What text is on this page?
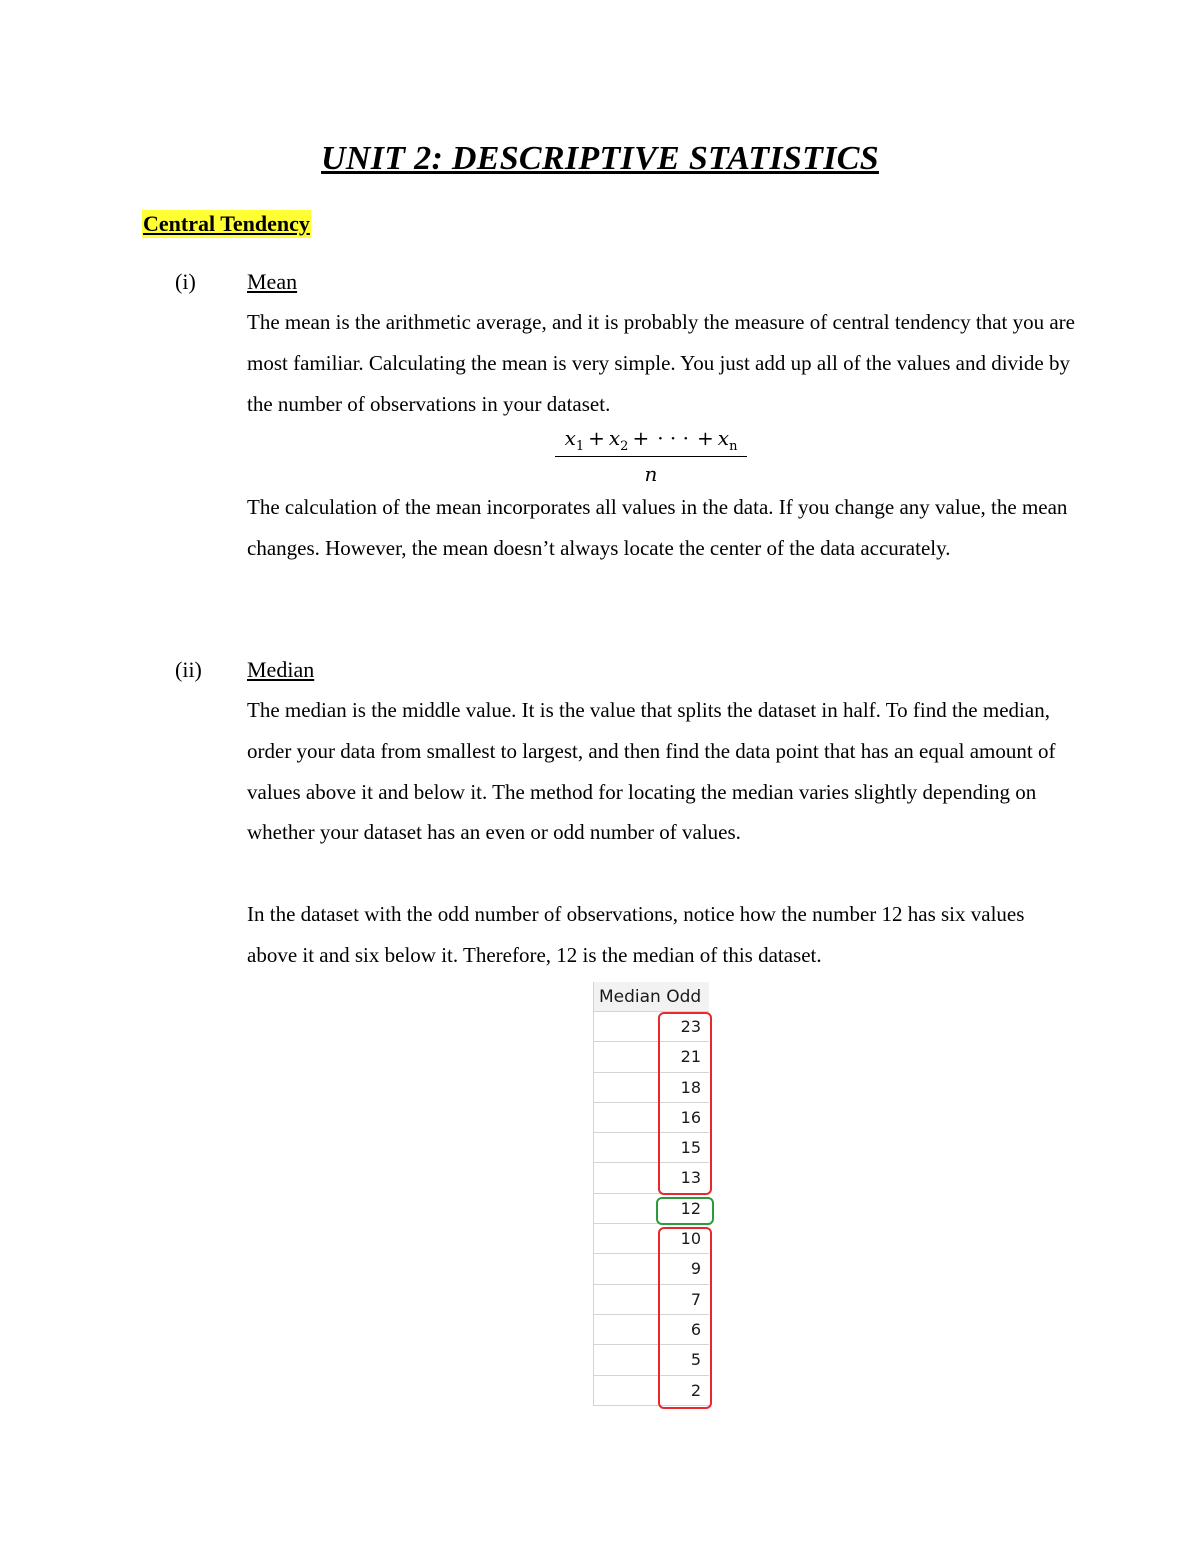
UNIT 2: DESCRIPTIVE STATISTICS
Central Tendency
(i) Mean
The mean is the arithmetic average, and it is probably the measure of central tendency that you are most familiar. Calculating the mean is very simple. You just add up all of the values and divide by the number of observations in your dataset.
$x_1 + x_2$ + · · · + $x_n$
n
The calculation of the mean incorporates all values in the data. If you change any value, the mean changes. However, the mean doesn’t always locate the center of the data accurately.
(ii) Median
The median is the middle value. It is the value that splits the dataset in half. To find the median, order your data from smallest to largest, and then find the data point that has an equal amount of values above it and below it. The method for locating the median varies slightly depending on whether your dataset has an even or odd number of values.
In the dataset with the odd number of observations, notice how the number 12 has six values above it and six below it. Therefore, 12 is the median of this dataset.
Median Odd
23
21
18
16
15
13
12
10
9
7
6
5
2
